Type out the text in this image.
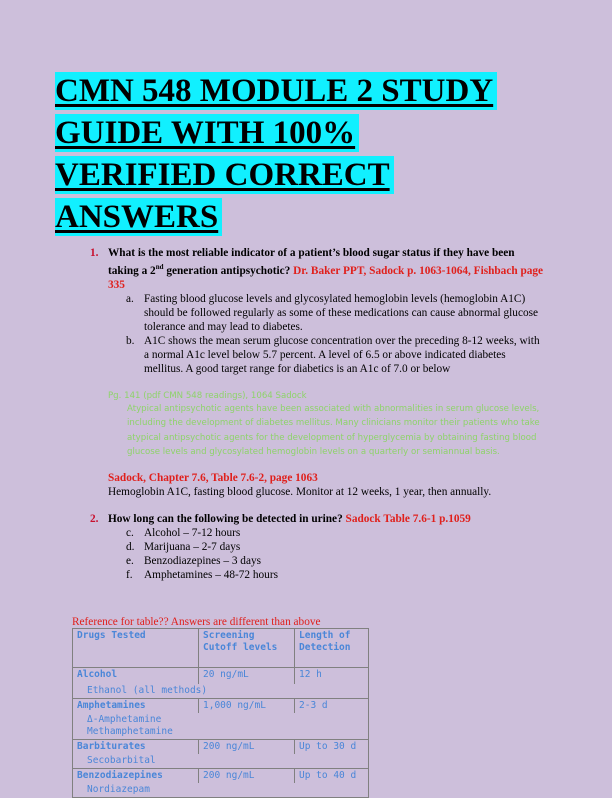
CMN 548 MODULE 2 STUDY
GUIDE WITH 100%
VERIFIED CORRECT
ANSWERS
1. What is the most reliable indicator of a patient’s blood sugar status if they have been taking a 2nd generation antipsychotic? Dr. Baker PPT, Sadock p. 1063-1064, Fishbach page 335
a. Fasting blood glucose levels and glycosylated hemoglobin levels (hemoglobin A1C) should be followed regularly as some of these medications can cause abnormal glucose tolerance and may lead to diabetes.
b. A1C shows the mean serum glucose concentration over the preceding 8-12 weeks, with a normal A1c level below 5.7 percent. A level of 6.5 or above indicated diabetes mellitus. A good target range for diabetics is an A1c of 7.0 or below
Pg. 141 (pdf CMN 548 readings), 1064 Sadock
Atypical antipsychotic agents have been associated with abnormalities in serum glucose levels, including the development of diabetes mellitus. Many clinicians monitor their patients who take atypical antipsychotic agents for the development of hyperglycemia by obtaining fasting blood glucose levels and glycosylated hemoglobin levels on a quarterly or semiannual basis.
Sadock, Chapter 7.6, Table 7.6-2, page 1063
Hemoglobin A1C, fasting blood glucose. Monitor at 12 weeks, 1 year, then annually.
2. How long can the following be detected in urine? Sadock Table 7.6-1 p.1059
c. Alcohol – 7-12 hours
d. Marijuana – 2-7 days
e. Benzodiazepines – 3 days
f. Amphetamines – 48-72 hours
Reference for table?? Answers are different than above
Drugs Tested	Screening Cutoff levels	Length of Detection
Alcohol	20 ng/mL	12 h
Ethanol (all methods)		
Amphetamines	1,000 ng/mL	2-3 d

Δ-Amphetamine Methamphetamine		

Barbiturates	200 ng/mL	Up to 30 d
Secobarbital		
Benzodiazepines	200 ng/mL	Up to 40 d
Nordiazepam		
